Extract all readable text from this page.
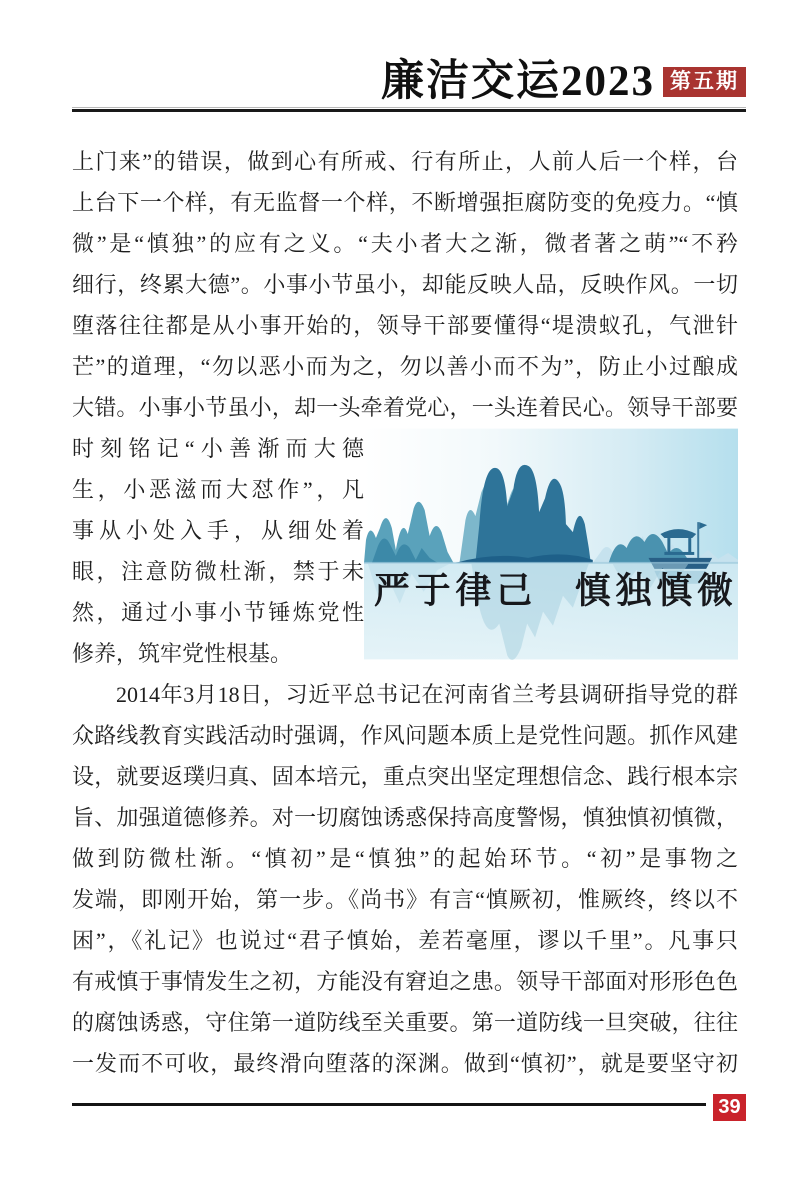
廉洁交运2023 第五期
上门来”的错误，做到心有所戒、行有所止，人前人后一个样，台
上台下一个样，有无监督一个样，不断增强拒腐防变的免疫力。“慎
微”是“慎独”的应有之义。“夫小者大之渐，微者著之萌”“不矜
细行，终累大德”。小事小节虽小，却能反映人品，反映作风。一切
堕落往往都是从小事开始的，领导干部要懂得“堤溃蚁孔，气泄针
芒”的道理，“勿以恶小而为之，勿以善小而不为”，防止小过酿成
大错。小事小节虽小，却一头牵着党心，一头连着民心。领导干部要
时刻铭记“小善渐而大德
生，小恶滋而大怼作”，凡
事从小处入手，从细处着
眼，注意防微杜渐，禁于未
然，通过小事小节锤炼党性
修养，筑牢党性根基。
严于律己 慎独慎微
2014年3月18日，习近平总书记在河南省兰考县调研指导党的群
众路线教育实践活动时强调，作风问题本质上是党性问题。抓作风建
设，就要返璞归真、固本培元，重点突出坚定理想信念、践行根本宗
旨、加强道德修养。对一切腐蚀诱惑保持高度警惕，慎独慎初慎微，
做到防微杜渐。“慎初”是“慎独”的起始环节。“初”是事物之
发端，即刚开始，第一步。《尚书》有言“慎厥初，惟厥终，终以不
困”，《礼记》也说过“君子慎始，差若毫厘，谬以千里”。凡事只
有戒慎于事情发生之初，方能没有窘迫之患。领导干部面对形形色色
的腐蚀诱惑，守住第一道防线至关重要。第一道防线一旦突破，往往
一发而不可收，最终滑向堕落的深渊。做到“慎初”，就是要坚守初
39
